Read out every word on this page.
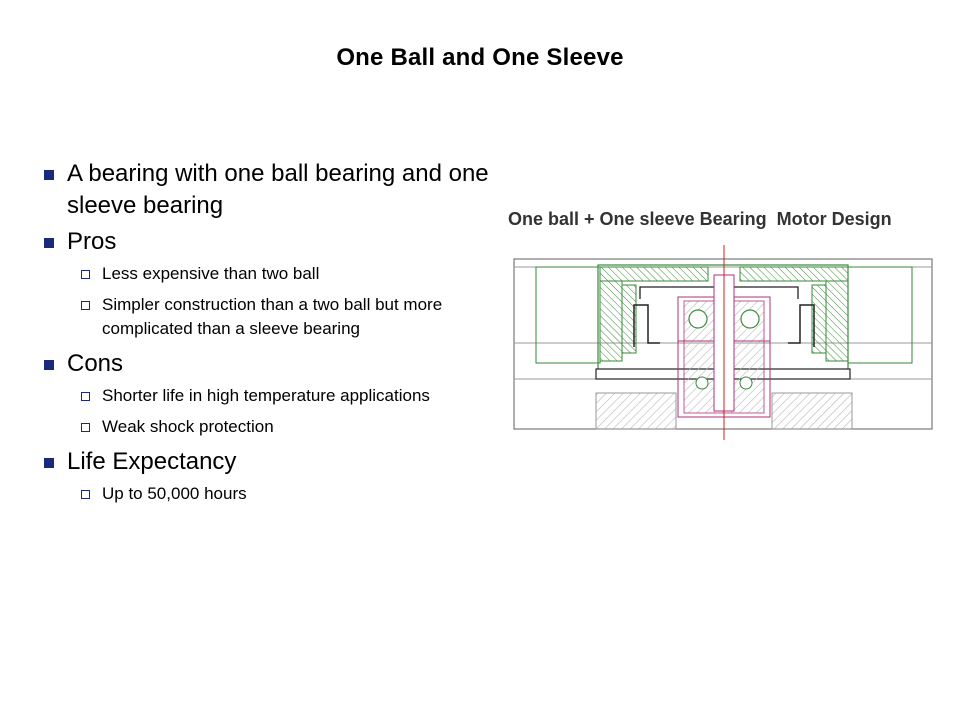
One Ball and One Sleeve
A bearing with one ball bearing and one sleeve bearing
Pros
Less expensive than two ball
Simpler construction than a two ball but more complicated than a sleeve bearing
Cons
Shorter life in high temperature applications
Weak shock protection
Life Expectancy
Up to 50,000 hours
One ball + One sleeve Bearing Motor Design
